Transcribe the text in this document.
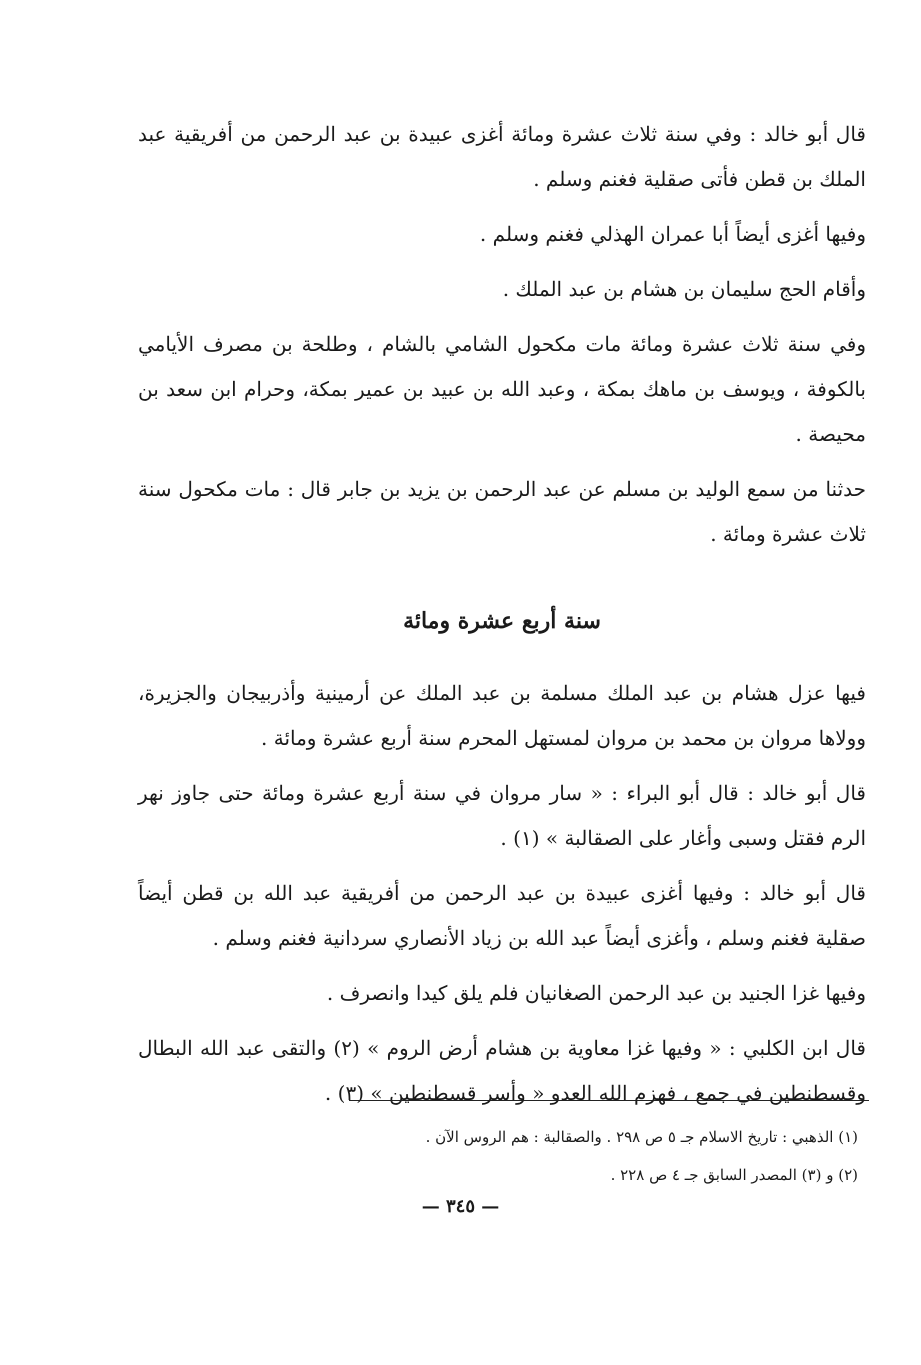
قال أبو خالد : وفي سنة ثلاث عشرة ومائة أغزى عبيدة بن عبد الرحمن من أفريقية عبد الملك بن قطن فأتى صقلية فغنم وسلم .

وفيها أغزى أيضاً أبا عمران الهذلي فغنم وسلم .

وأقام الحج سليمان بن هشام بن عبد الملك .

وفي سنة ثلاث عشرة ومائة مات مكحول الشامي بالشام ، وطلحة بن مصرف الأيامي بالكوفة ، ويوسف بن ماهك بمكة ، وعبد الله بن عبيد بن عمير بمكة، وحرام ابن سعد بن محيصة .

حدثنا من سمع الوليد بن مسلم عن عبد الرحمن بن يزيد بن جابر قال : مات مكحول سنة ثلاث عشرة ومائة .

سنة أربع عشرة ومائة

فيها عزل هشام بن عبد الملك مسلمة بن عبد الملك عن أرمينية وأذربيجان والجزيرة، وولاها مروان بن محمد بن مروان لمستهل المحرم سنة أربع عشرة ومائة .

قال أبو خالد : قال أبو البراء : « سار مروان في سنة أربع عشرة ومائة حتى جاوز نهر الرم فقتل وسبى وأغار على الصقالبة » (١) .

قال أبو خالد : وفيها أغزى عبيدة بن عبد الرحمن من أفريقية عبد الله بن قطن أيضاً صقلية فغنم وسلم ، وأغزى أيضاً عبد الله بن زياد الأنصاري سردانية فغنم وسلم .

وفيها غزا الجنيد بن عبد الرحمن الصغانيان فلم يلق كيدا وانصرف .

قال ابن الكلبي : « وفيها غزا معاوية بن هشام أرض الروم » (٢) والتقى عبد الله البطال وقسطنطين في جمع ، فهزم الله العدو « وأسر قسطنطين » (٣) .

(١) الذهبي : تاريخ الاسلام جـ ٥ ص ٢٩٨ . والصقالبة : هم الروس الآن .

(٢) و (٣) المصدر السابق جـ ٤ ص ٢٢٨ .

— ٣٤٥ —
